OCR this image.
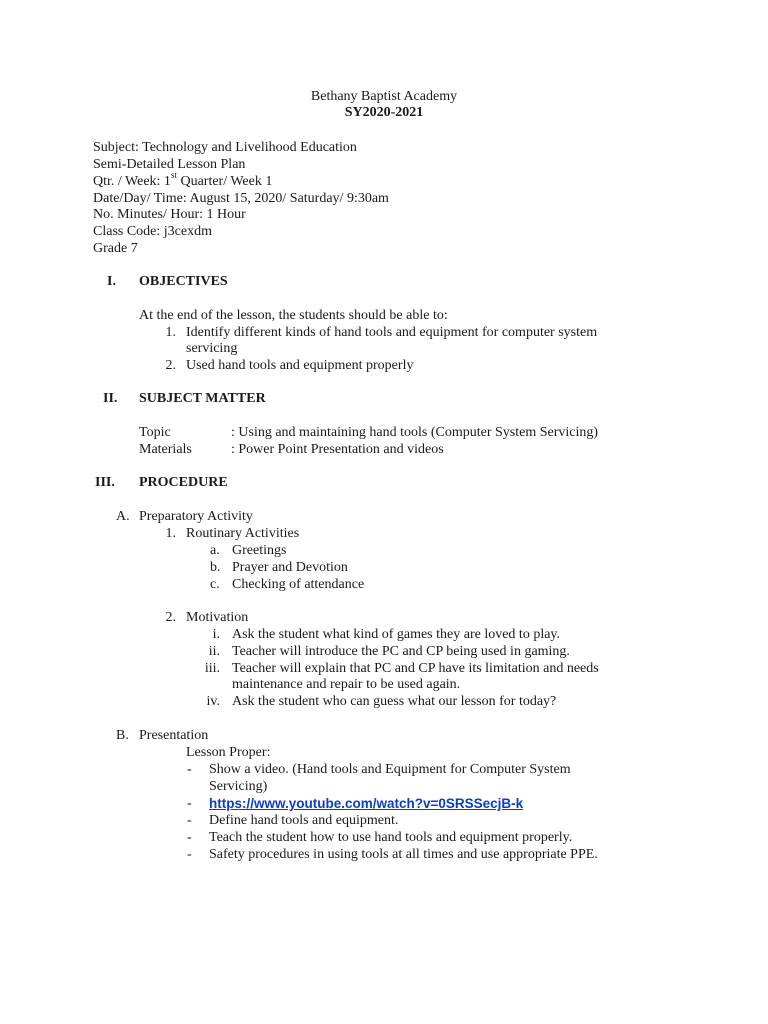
Bethany Baptist Academy
SY2020-2021
Subject: Technology and Livelihood Education
Semi-Detailed Lesson Plan
Qtr. / Week: 1st Quarter/ Week 1
Date/Day/ Time: August 15, 2020/ Saturday/ 9:30am
No. Minutes/ Hour: 1 Hour
Class Code: j3cexdm
Grade 7
I. OBJECTIVES
At the end of the lesson, the students should be able to:
1. Identify different kinds of hand tools and equipment for computer system
servicing
2. Used hand tools and equipment properly
II. SUBJECT MATTER
Topic	: Using and maintaining hand tools (Computer System Servicing)
Materials	: Power Point Presentation and videos
III. PROCEDURE
A. Preparatory Activity
1. Routinary Activities
a. Greetings
b. Prayer and Devotion
c. Checking of attendance
2. Motivation
i. Ask the student what kind of games they are loved to play.
ii. Teacher will introduce the PC and CP being used in gaming.
iii. Teacher will explain that PC and CP have its limitation and needs
maintenance and repair to be used again.
iv. Ask the student who can guess what our lesson for today?
B. Presentation
Lesson Proper:
- Show a video. (Hand tools and Equipment for Computer System
Servicing)
- https://www.youtube.com/watch?v=0SRSSecjB-k
- Define hand tools and equipment.
- Teach the student how to use hand tools and equipment properly.
- Safety procedures in using tools at all times and use appropriate PPE.
